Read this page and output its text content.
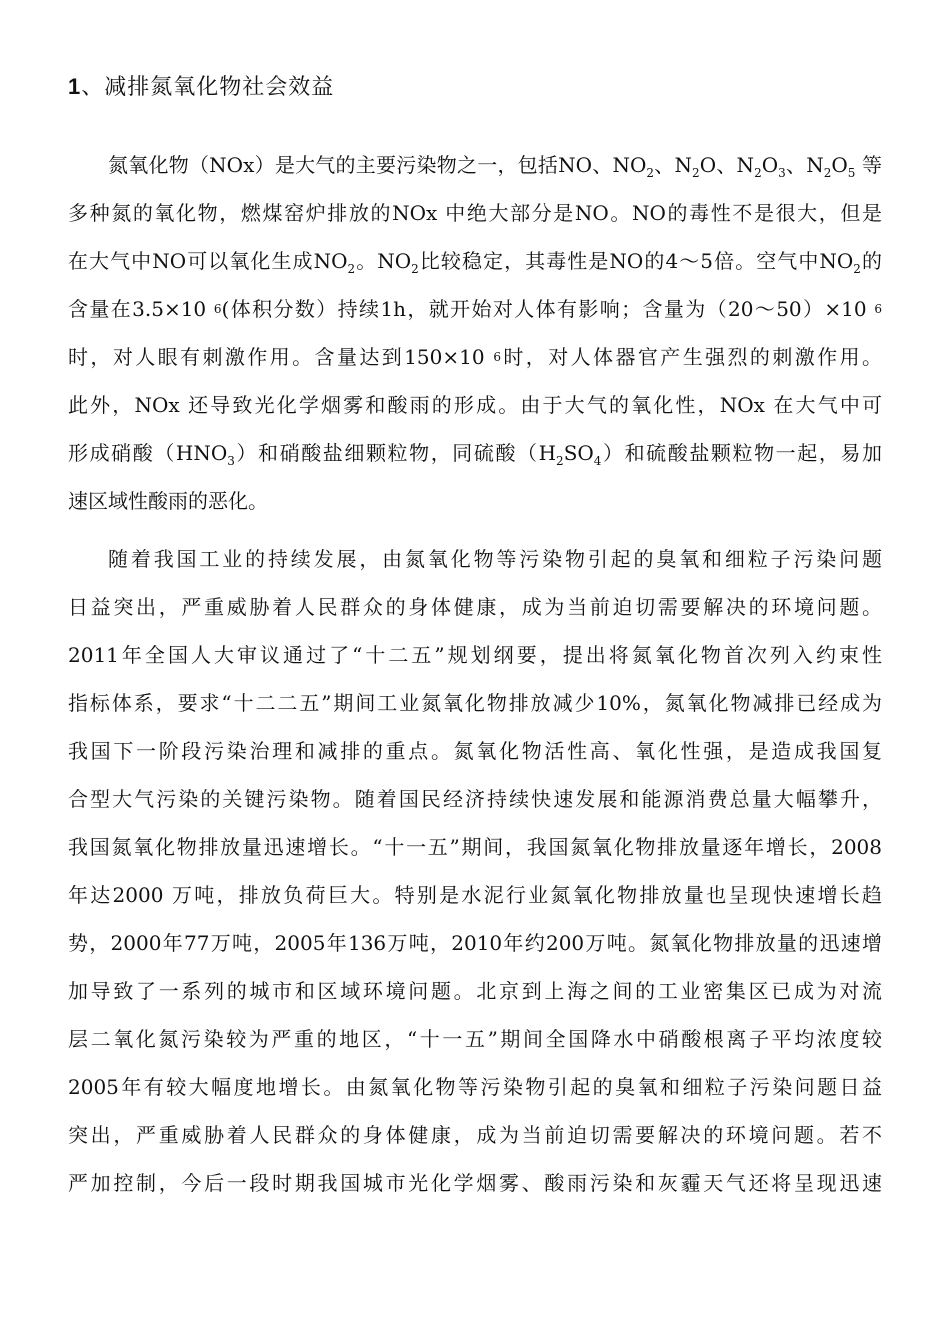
1、减排氮氧化物社会效益
氮氧化物（NOx）是大气的主要污染物之一，包括NO、$NO_2$、$N_2O$、$N_2O_3$、$N_2O_5$ 等
多种氮的氧化物，燃煤窑炉排放的NOx 中绝大部分是NO。NO的毒性不是很大，但是
在大气中NO可以氧化生成$NO_2$。$NO_2$比较稳定，其毒性是NO的4～5倍。空气中$NO_2$的
含量在3.5×10 $^6$(体积分数）持续1h，就开始对人体有影响；含量为（20～50）×10 $^6$
时，对人眼有刺激作用。含量达到150×10 $^6$时，对人体器官产生强烈的刺激作用。
此外，NOx 还导致光化学烟雾和酸雨的形成。由于大气的氧化性，NOx 在大气中可
形成硝酸$(HNO_3)$和硝酸盐细颗粒物，同硫酸$(H_2SO_4)$和硫酸盐颗粒物一起，易加
速区域性酸雨的恶化。
随着我国工业的持续发展，由氮氧化物等污染物引起的臭氧和细粒子污染问题
日益突出，严重威胁着人民群众的身体健康，成为当前迫切需要解决的环境问题。
2011年全国人大审议通过了“十二五”规划纲要，提出将氮氧化物首次列入约束性
指标体系，要求“十二二五”期间工业氮氧化物排放减少10%，氮氧化物减排已经成为
我国下一阶段污染治理和减排的重点。氮氧化物活性高、氧化性强，是造成我国复
合型大气污染的关键污染物。随着国民经济持续快速发展和能源消费总量大幅攀升，
我国氮氧化物排放量迅速增长。“十一五”期间，我国氮氧化物排放量逐年增长，2008
年达2000 万吨，排放负荷巨大。特别是水泥行业氮氧化物排放量也呈现快速增长趋
势，2000年77万吨，2005年136万吨，2010年约200万吨。氮氧化物排放量的迅速增
加导致了一系列的城市和区域环境问题。北京到上海之间的工业密集区已成为对流
层二氧化氮污染较为严重的地区，“十一五”期间全国降水中硝酸根离子平均浓度较
2005年有较大幅度地增长。由氮氧化物等污染物引起的臭氧和细粒子污染问题日益
突出，严重威胁着人民群众的身体健康，成为当前迫切需要解决的环境问题。若不
严加控制，今后一段时期我国城市光化学烟雾、酸雨污染和灰霾天气还将呈现迅速
